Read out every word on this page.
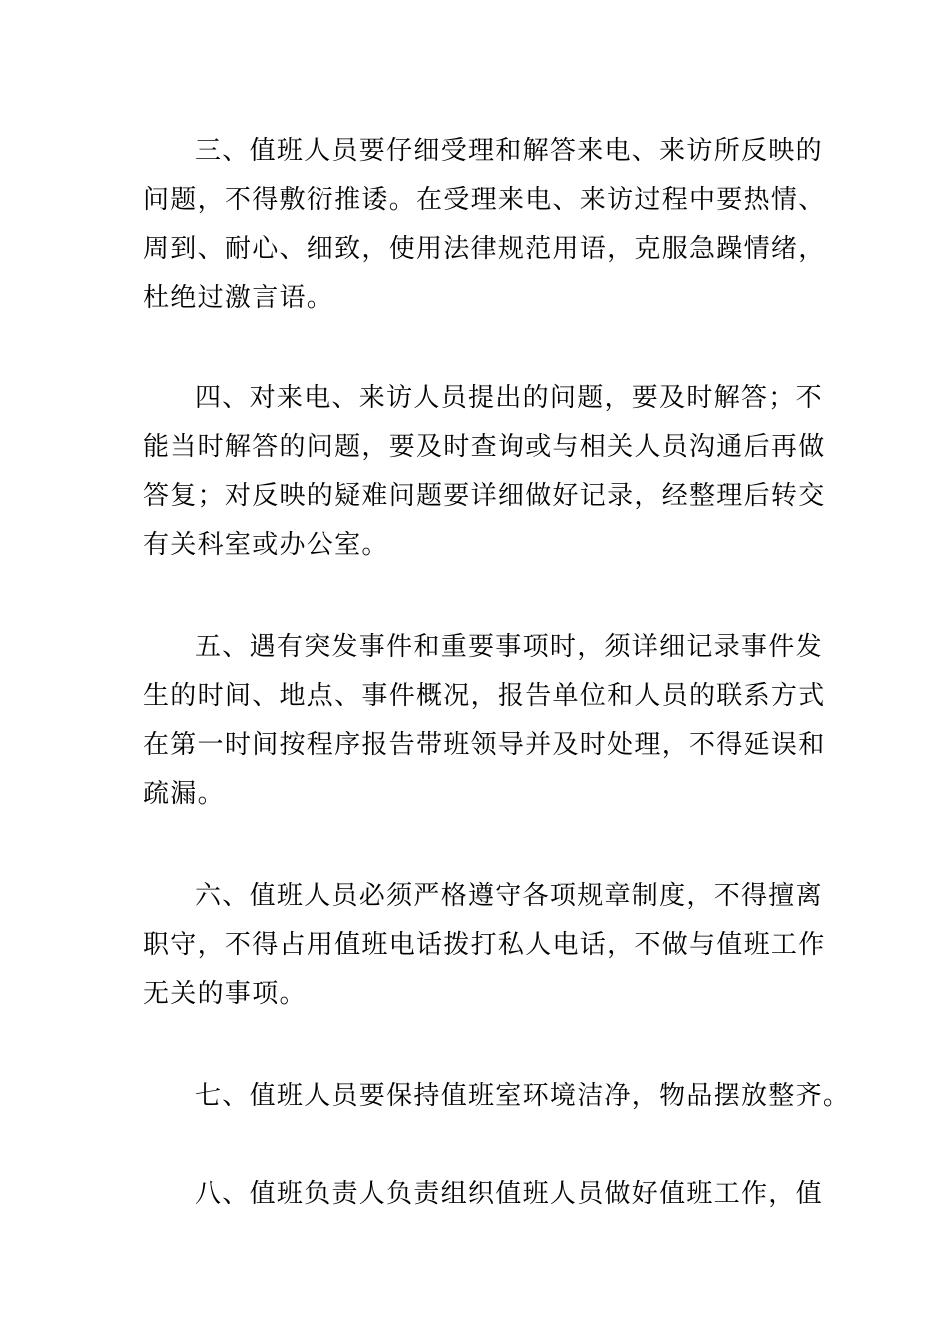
三、值班人员要仔细受理和解答来电、来访所反映的
问题，不得敷衍推诿。在受理来电、来访过程中要热情、
周到、耐心、细致，使用法律规范用语，克服急躁情绪，
杜绝过激言语。

四、对来电、来访人员提出的问题，要及时解答；不
能当时解答的问题，要及时查询或与相关人员沟通后再做
答复；对反映的疑难问题要详细做好记录，经整理后转交
有关科室或办公室。

五、遇有突发事件和重要事项时，须详细记录事件发
生的时间、地点、事件概况，报告单位和人员的联系方式
在第一时间按程序报告带班领导并及时处理，不得延误和
疏漏。

六、值班人员必须严格遵守各项规章制度，不得擅离
职守，不得占用值班电话拨打私人电话，不做与值班工作
无关的事项。

七、值班人员要保持值班室环境洁净，物品摆放整齐。

八、值班负责人负责组织值班人员做好值班工作，值
